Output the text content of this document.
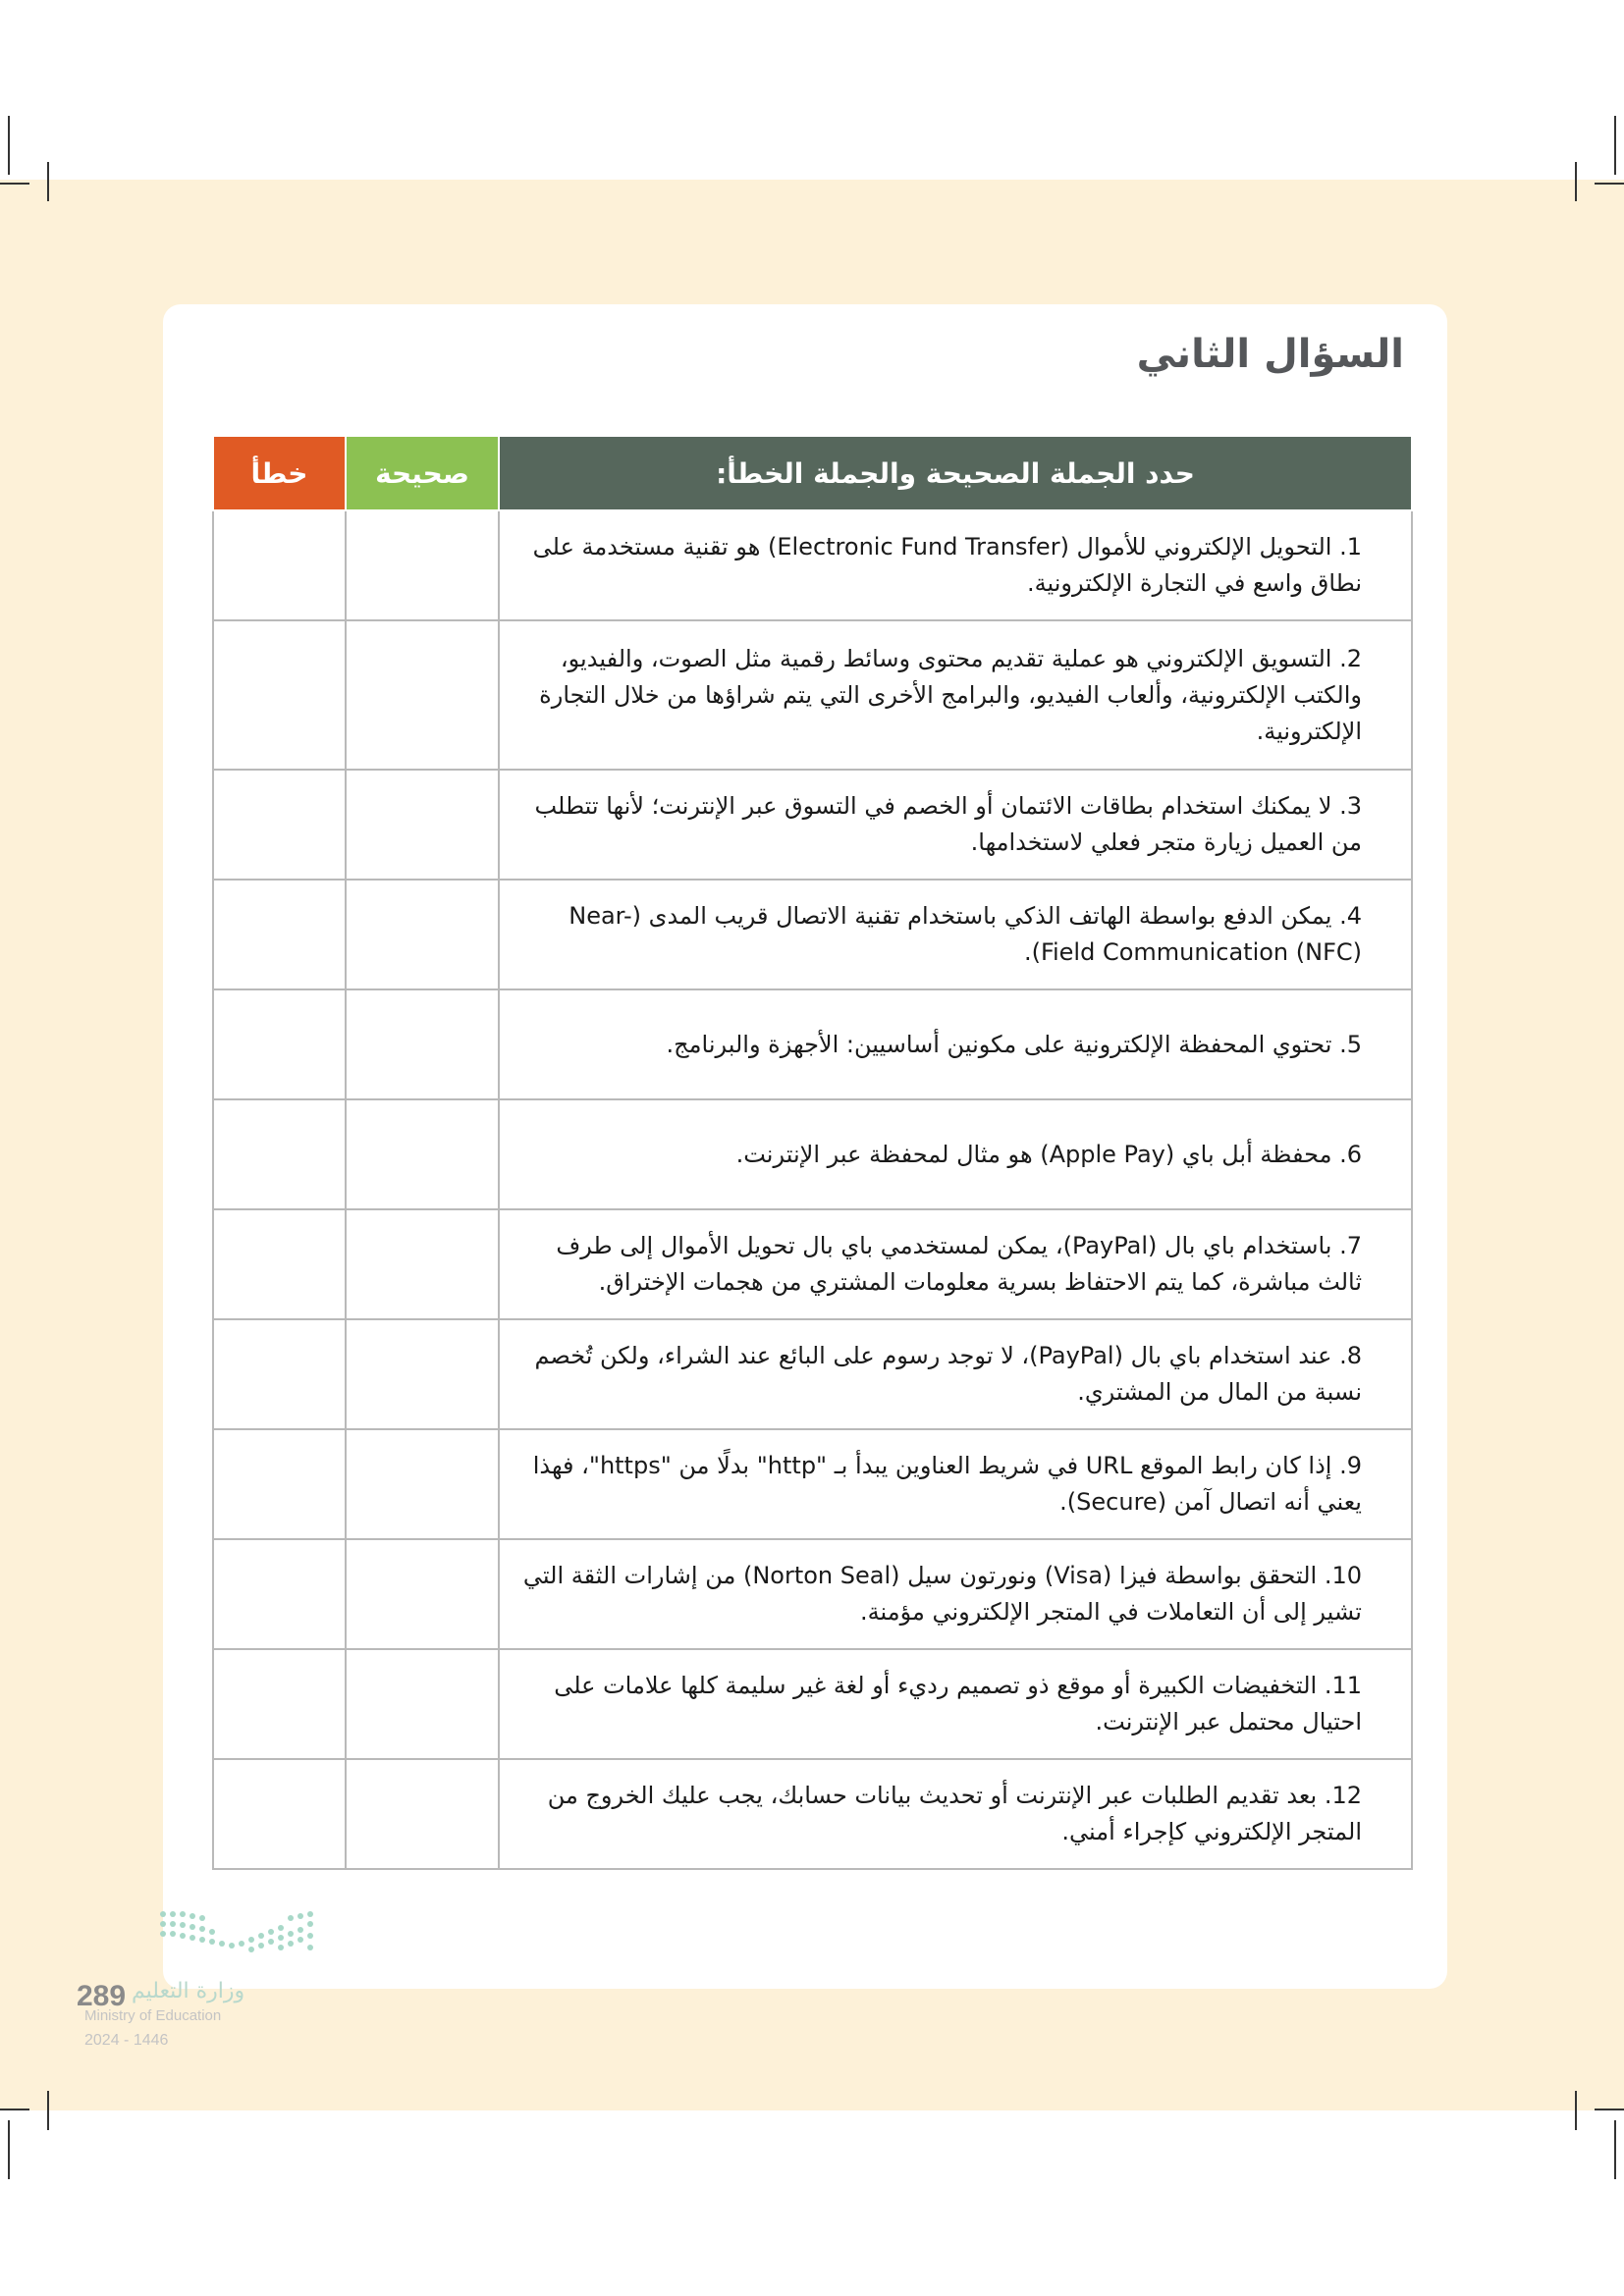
السؤال الثاني
خطأ	صحيحة	حدد الجملة الصحيحة والجملة الخطأ:
		1. التحويل الإلكتروني للأموال (Electronic Fund Transfer) هو تقنية مستخدمة على نطاق واسع في التجارة الإلكترونية.
		2. التسويق الإلكتروني هو عملية تقديم محتوى وسائط رقمية مثل الصوت، والفيديو، والكتب الإلكترونية، وألعاب الفيديو، والبرامج الأخرى التي يتم شراؤها من خلال التجارة الإلكترونية.
		3. لا يمكنك استخدام بطاقات الائتمان أو الخصم في التسوق عبر الإنترنت؛ لأنها تتطلب من العميل زيارة متجر فعلي لاستخدامها.
		4. يمكن الدفع بواسطة الهاتف الذكي باستخدام تقنية الاتصال قريب المدى (Near-Field Communication (NFC)).
		5. تحتوي المحفظة الإلكترونية على مكونين أساسيين: الأجهزة والبرنامج.
		6. محفظة أبل باي (Apple Pay) هو مثال لمحفظة عبر الإنترنت.
		7. باستخدام باي بال (PayPal)، يمكن لمستخدمي باي بال تحويل الأموال إلى طرف ثالث مباشرة، كما يتم الاحتفاظ بسرية معلومات المشتري من هجمات الإختراق.
		8. عند استخدام باي بال (PayPal)، لا توجد رسوم على البائع عند الشراء، ولكن تُخصم نسبة من المال من المشتري.
		9. إذا كان رابط الموقع URL في شريط العناوين يبدأ بـ "http" بدلًا من "https"، فهذا يعني أنه اتصال آمن (Secure).
		10. التحقق بواسطة فيزا (Visa) ونورتون سيل (Norton Seal) من إشارات الثقة التي تشير إلى أن التعاملات في المتجر الإلكتروني مؤمنة.
		11. التخفيضات الكبيرة أو موقع ذو تصميم رديء أو لغة غير سليمة كلها علامات على احتيال محتمل عبر الإنترنت.
		12. بعد تقديم الطلبات عبر الإنترنت أو تحديث بيانات حسابك، يجب عليك الخروج من المتجر الإلكتروني كإجراء أمني.
289 وزارة التعليم
Ministry of Education
2024 - 1446
